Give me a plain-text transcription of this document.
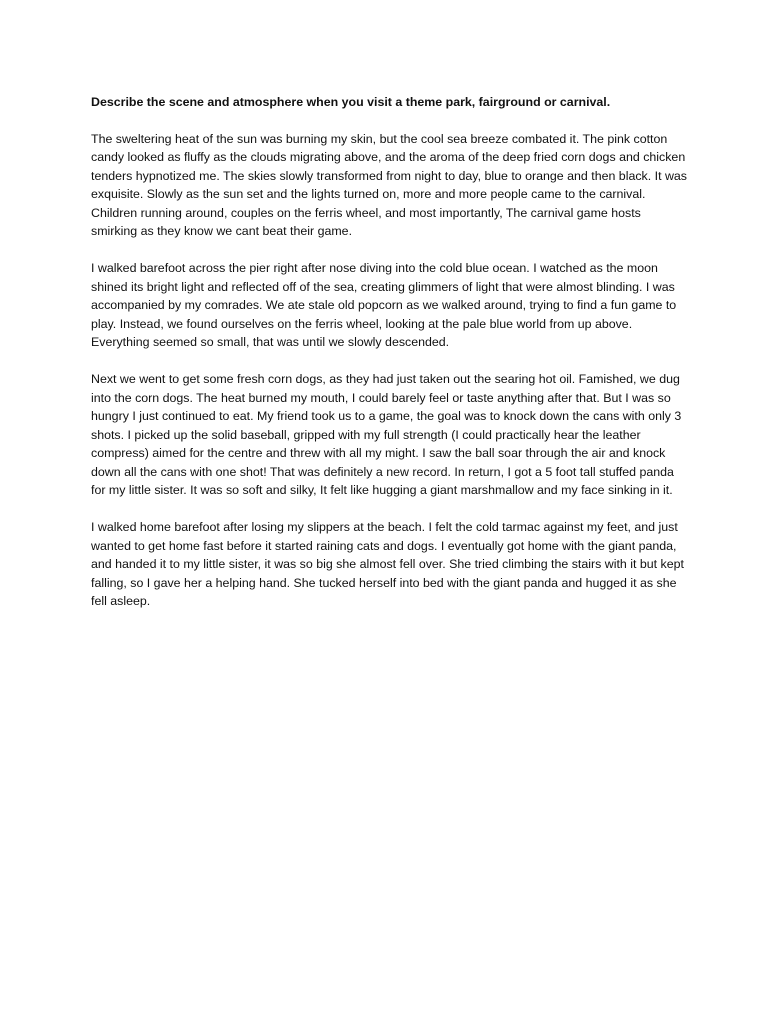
Describe the scene and atmosphere when you visit a theme park, fairground or carnival.

The sweltering heat of the sun was burning my skin, but the cool sea breeze combated it. The pink cotton candy looked as fluffy as the clouds migrating above, and the aroma of the deep fried corn dogs and chicken tenders hypnotized me. The skies slowly transformed from night to day, blue to orange and then black. It was exquisite. Slowly as the sun set and the lights turned on, more and more people came to the carnival. Children running around, couples on the ferris wheel, and most importantly, The carnival game hosts smirking as they know we cant beat their game.

I walked barefoot across the pier right after nose diving into the cold blue ocean. I watched as the moon shined its bright light and reflected off of the sea, creating glimmers of light that were almost blinding. I was accompanied by my comrades. We ate stale old popcorn as we walked around, trying to find a fun game to play. Instead, we found ourselves on the ferris wheel, looking at the pale blue world from up above. Everything seemed so small, that was until we slowly descended.

Next we went to get some fresh corn dogs, as they had just taken out the searing hot oil. Famished, we dug into the corn dogs. The heat burned my mouth, I could barely feel or taste anything after that. But I was so hungry I just continued to eat. My friend took us to a game, the goal was to knock down the cans with only 3 shots. I picked up the solid baseball, gripped with my full strength (I could practically hear the leather compress) aimed for the centre and threw with all my might. I saw the ball soar through the air and knock down all the cans with one shot! That was definitely a new record. In return, I got a 5 foot tall stuffed panda for my little sister. It was so soft and silky, It felt like hugging a giant marshmallow and my face sinking in it.

I walked home barefoot after losing my slippers at the beach. I felt the cold tarmac against my feet, and just wanted to get home fast before it started raining cats and dogs. I eventually got home with the giant panda, and handed it to my little sister, it was so big she almost fell over. She tried climbing the stairs with it but kept falling, so I gave her a helping hand. She tucked herself into bed with the giant panda and hugged it as she fell asleep.
